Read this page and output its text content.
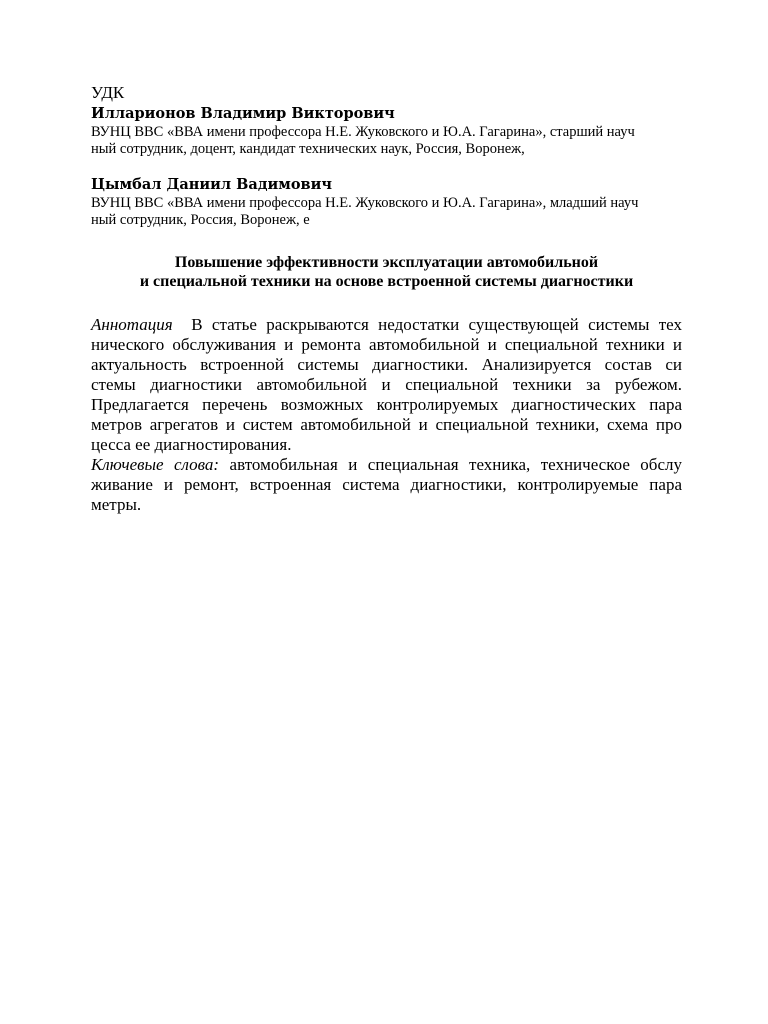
УДК

Илларионов Владимир Викторович

ВУНЦ ВВС «ВВА имени профессора Н.Е. Жуковского и Ю.А. Гагарина», старший науч
ный сотрудник, доцент, кандидат технических наук, Россия, Воронеж,

Цымбал Даниил Вадимович

ВУНЦ ВВС «ВВА имени профессора Н.Е. Жуковского и Ю.А. Гагарина», младший науч
ный сотрудник, Россия, Воронеж, е

Повышение эффективности эксплуатации автомобильной
и специальной техники на основе встроенной системы диагностики

Аннотация  В статье раскрываются недостатки существующей системы тех
нического обслуживания и ремонта автомобильной и специальной техники и
актуальность встроенной системы диагностики. Анализируется состав си
стемы диагностики автомобильной и специальной техники за рубежом.
Предлагается перечень возможных контролируемых диагностических пара
метров агрегатов и систем автомобильной и специальной техники, схема про
цесса ее диагностирования.
Ключевые слова: автомобильная и специальная техника, техническое обслу
живание и ремонт, встроенная система диагностики, контролируемые пара
метры.
